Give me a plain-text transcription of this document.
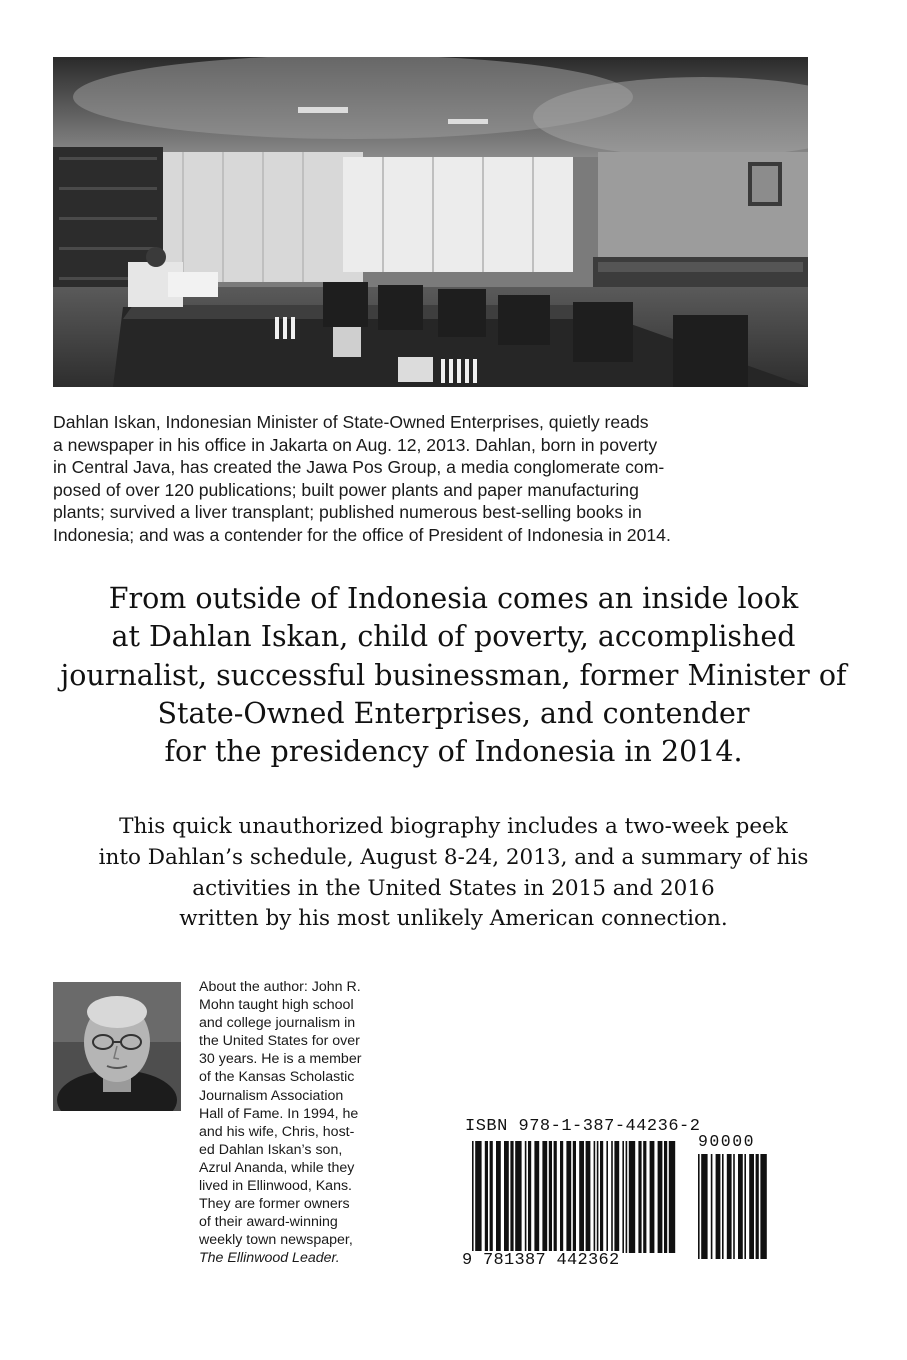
Dahlan Iskan, Indonesian Minister of State-Owned Enterprises, quietly reads
a newspaper in his office in Jakarta on Aug. 12, 2013. Dahlan, born in poverty
in Central Java, has created the Jawa Pos Group, a media conglomerate com-
posed of over 120 publications; built power plants and paper manufacturing
plants; survived a liver transplant; published numerous best-selling books in
Indonesia; and was a contender for the office of President of Indonesia in 2014.

From outside of Indonesia comes an inside look
at Dahlan Iskan, child of poverty, accomplished
journalist, successful businessman, former Minister of
State-Owned Enterprises, and contender
for the presidency of Indonesia in 2014.

This quick unauthorized biography includes a two-week peek
into Dahlan’s schedule, August 8-24, 2013, and a summary of his
activities in the United States in 2015 and 2016
written by his most unlikely American connection.

About the author: John R.
Mohn taught high school
and college journalism in
the United States for over
30 years. He is a member
of the Kansas Scholastic
Journalism Association
Hall of Fame. In 1994, he
and his wife, Chris, host-
ed Dahlan Iskan’s son,
Azrul Ananda, while they
lived in Ellinwood, Kans.
They are former owners
of their award-winning
weekly town newspaper,
The Ellinwood Leader.

ISBN 978-1-387-44236-2
90000
9 781387 442362
